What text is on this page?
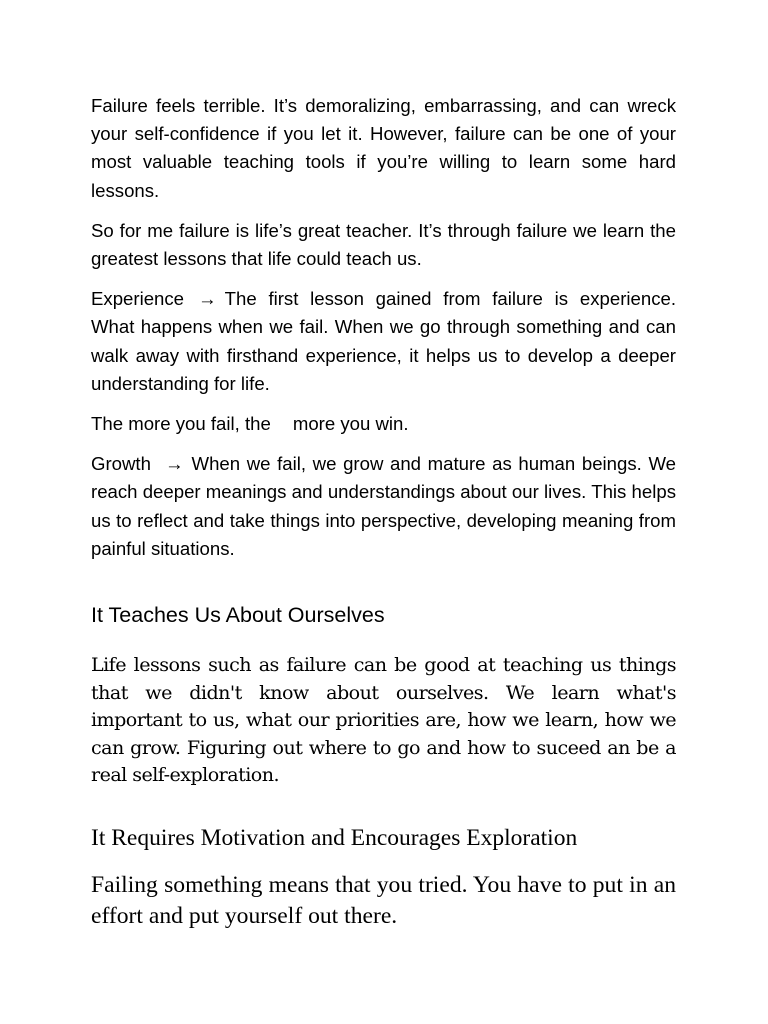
Failure feels terrible. It’s demoralizing, embarrassing, and can wreck your self-confidence if you let it. However, failure can be one of your most valuable teaching tools if you’re willing to learn some hard lessons.

So for me failure is life’s great teacher. It’s through failure we learn the greatest lessons that life could teach us.

Experience → The first lesson gained from failure is experience. What happens when we fail. When we go through something and can walk away with firsthand experience, it helps us to develop a deeper understanding for life.

The more you fail, the more you win.

Growth → When we fail, we grow and mature as human beings. We reach deeper meanings and understandings about our lives. This helps us to reflect and take things into perspective, developing meaning from painful situations.

It Teaches Us About Ourselves

Life lessons such as failure can be good at teaching us things that we didn't know about ourselves. We learn what's important to us, what our priorities are, how we learn, how we can grow. Figuring out where to go and how to suceed an be a real self-exploration.

It Requires Motivation and Encourages Exploration

Failing something means that you tried. You have to put in an effort and put yourself out there.
